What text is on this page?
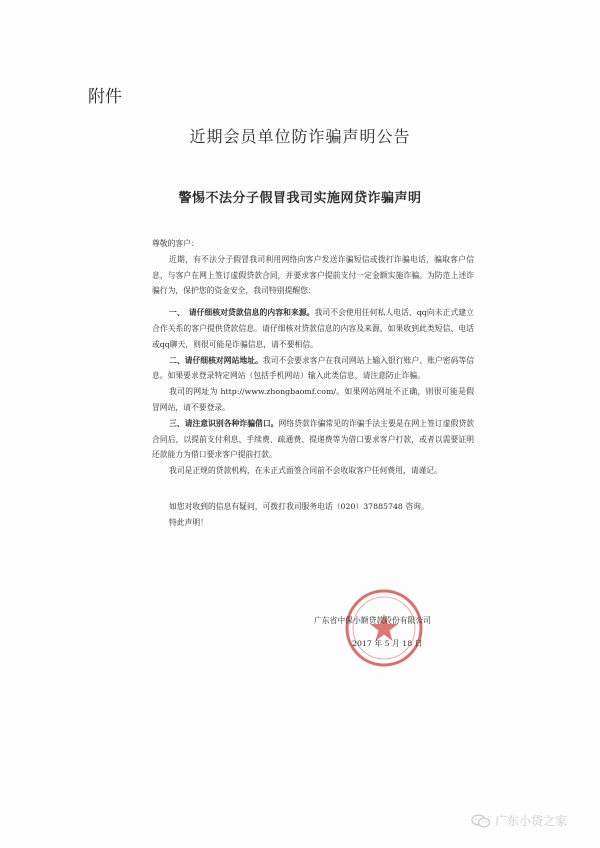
附件
近期会员单位防诈骗声明公告
警惕不法分子假冒我司实施网贷诈骗声明

尊敬的客户：

近期，有不法分子假冒我司利用网络向客户发送诈骗短信或拨打诈骗电话，骗取客户信息，与客户在网上签订虚假贷款合同，并要求客户提前支付一定金额实施诈骗。为防范上述诈骗行为，保护您的资金安全，我司特别提醒您：

一、　请仔细核对贷款信息的内容和来源。我司不会使用任何私人电话、qq向未正式建立合作关系的客户提供贷款信息。请仔细核对贷款信息的内容及来源，如果收到此类短信、电话或qq聊天，则很可能是诈骗信息，请不要相信。

二、请仔细核对网站地址。我司不会要求客户在我司网站上输入银行账户、账户密码等信息。如果要求登录特定网站（包括手机网站）输入此类信息，请注意防止诈骗。

我司的网址为 http://www.zhongbaomf.com/。如果网站网址不正确，则很可能是假冒网站，请不要登录。

三、请注意识别各种诈骗借口。网络贷款诈骗常见的诈骗手法主要是在网上签订虚假贷款合同后，以提前支付利息、手续费、疏通费、提递费等为借口要求客户打款，或者以需要证明还款能力为借口要求客户提前打款。

我司是正规的贷款机构，在未正式面签合同前不会收取客户任何费用，请谨记。

如您对收到的信息有疑问，可拨打我司服务电话（020）37885748 咨询。

特此声明！

广东省中保小额贷款股份有限公司
2017 年 5 月 18 日
广东小贷之家
